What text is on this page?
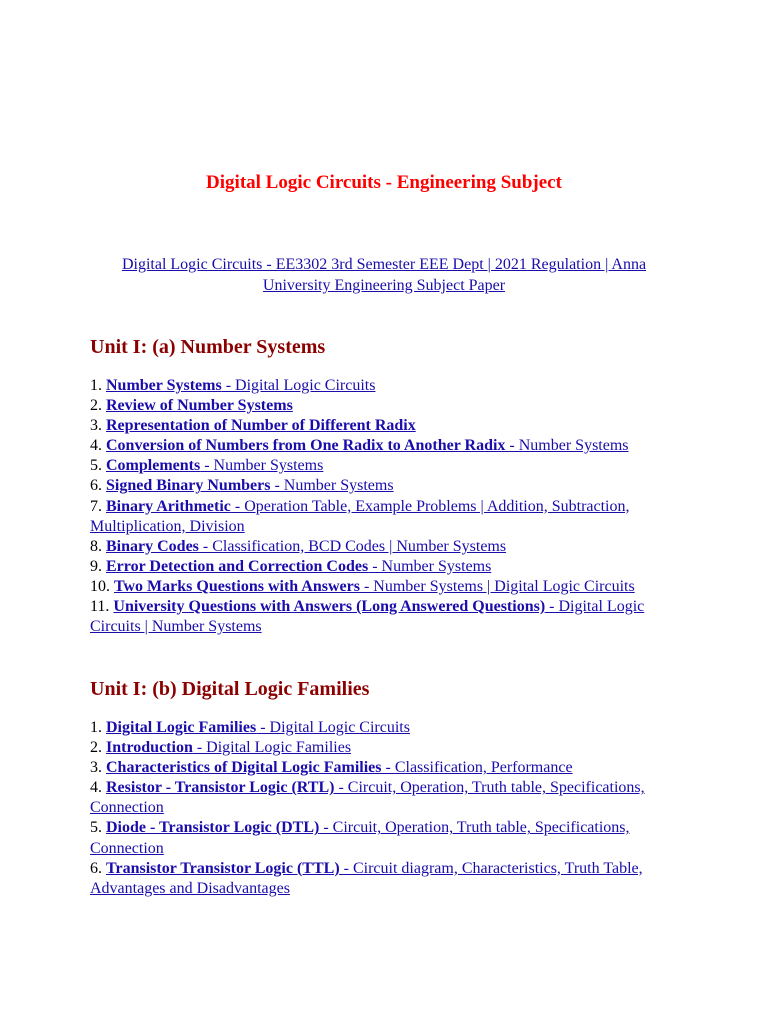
Digital Logic Circuits - Engineering Subject
Digital Logic Circuits - EE3302 3rd Semester EEE Dept | 2021 Regulation | Anna University Engineering Subject Paper
Unit I: (a) Number Systems
1. Number Systems - Digital Logic Circuits
2. Review of Number Systems
3. Representation of Number of Different Radix
4. Conversion of Numbers from One Radix to Another Radix - Number Systems
5. Complements - Number Systems
6. Signed Binary Numbers - Number Systems
7. Binary Arithmetic - Operation Table, Example Problems | Addition, Subtraction, Multiplication, Division
8. Binary Codes - Classification, BCD Codes | Number Systems
9. Error Detection and Correction Codes - Number Systems
10. Two Marks Questions with Answers - Number Systems | Digital Logic Circuits
11. University Questions with Answers (Long Answered Questions) - Digital Logic Circuits | Number Systems
Unit I: (b) Digital Logic Families
1. Digital Logic Families - Digital Logic Circuits
2. Introduction - Digital Logic Families
3. Characteristics of Digital Logic Families - Classification, Performance
4. Resistor - Transistor Logic (RTL) - Circuit, Operation, Truth table, Specifications, Connection
5. Diode - Transistor Logic (DTL) - Circuit, Operation, Truth table, Specifications, Connection
6. Transistor Transistor Logic (TTL) - Circuit diagram, Characteristics, Truth Table, Advantages and Disadvantages
